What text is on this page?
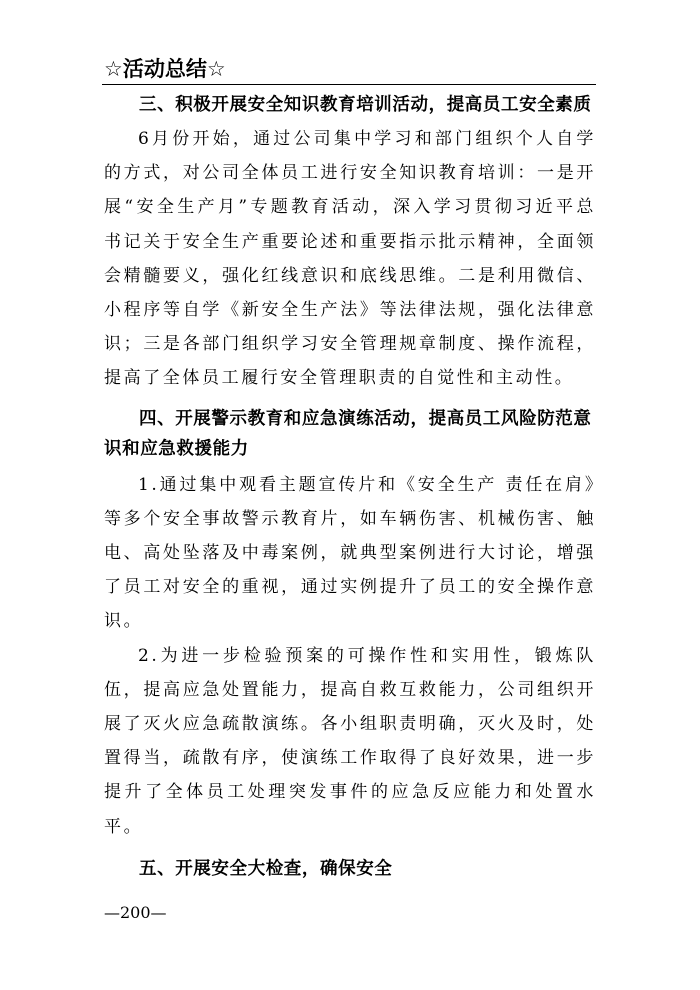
☆活动总结☆

三、积极开展安全知识教育培训活动，提高员工安全素质

6月份开始，通过公司集中学习和部门组织个人自学的方式，对公司全体员工进行安全知识教育培训：一是开展“安全生产月”专题教育活动，深入学习贯彻习近平总书记关于安全生产重要论述和重要指示批示精神，全面领会精髓要义，强化红线意识和底线思维。二是利用微信、小程序等自学《新安全生产法》等法律法规，强化法律意识；三是各部门组织学习安全管理规章制度、操作流程，提高了全体员工履行安全管理职责的自觉性和主动性。

四、开展警示教育和应急演练活动，提高员工风险防范意识和应急救援能力

1.通过集中观看主题宣传片和《安全生产 责任在肩》等多个安全事故警示教育片，如车辆伤害、机械伤害、触电、高处坠落及中毒案例，就典型案例进行大讨论，增强了员工对安全的重视，通过实例提升了员工的安全操作意识。

2.为进一步检验预案的可操作性和实用性，锻炼队伍，提高应急处置能力，提高自救互救能力，公司组织开展了灭火应急疏散演练。各小组职责明确，灭火及时，处置得当，疏散有序，使演练工作取得了良好效果，进一步提升了全体员工处理突发事件的应急反应能力和处置水平。

五、开展安全大检查，确保安全

—200—
